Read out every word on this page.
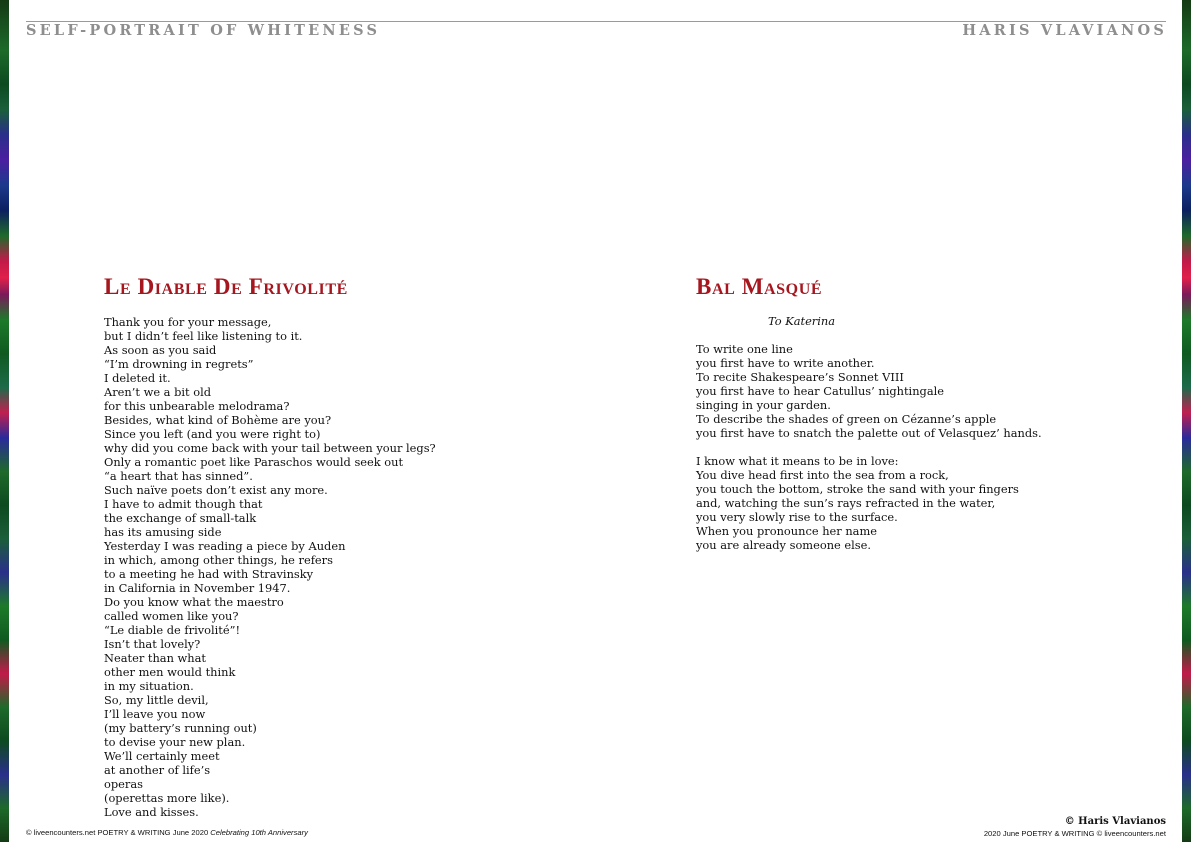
SELF-PORTRAIT OF WHITENESS	HARIS VLAVIANOS
Le Diable De Frivolité
Thank you for your message,
but I didn’t feel like listening to it.
As soon as you said
“I’m drowning in regrets”
I deleted it.
Aren’t we a bit old
for this unbearable melodrama?
Besides, what kind of Bohème are you?
Since you left (and you were right to)
why did you come back with your tail between your legs?
Only a romantic poet like Paraschos would seek out
“a heart that has sinned”.
Such naïve poets don’t exist any more.
I have to admit though that
the exchange of small-talk
has its amusing side
Yesterday I was reading a piece by Auden
in which, among other things, he refers
to a meeting he had with Stravinsky
in California in November 1947.
Do you know what the maestro
called women like you?
“Le diable de frivolité”!
Isn’t that lovely?
Neater than what
other men would think
in my situation.
So, my little devil,
I’ll leave you now
(my battery’s running out)
to devise your new plan.
We’ll certainly meet
at another of life’s
operas
(operettas more like).
Love and kisses.
Bal Masqué
To Katerina
To write one line
you first have to write another.
To recite Shakespeare’s Sonnet VIII
you first have to hear Catullus’ nightingale
singing in your garden.
To describe the shades of green on Cézanne’s apple
you first have to snatch the palette out of Velasquez’ hands.
I know what it means to be in love:
You dive head first into the sea from a rock,
you touch the bottom, stroke the sand with your fingers
and, watching the sun’s rays refracted in the water,
you very slowly rise to the surface.
When you pronounce her name
you are already someone else.
© liveencounters.net POETRY & WRITING June 2020 Celebrating 10th Anniversary
© Haris Vlavianos
2020 June POETRY & WRITING © liveencounters.net
